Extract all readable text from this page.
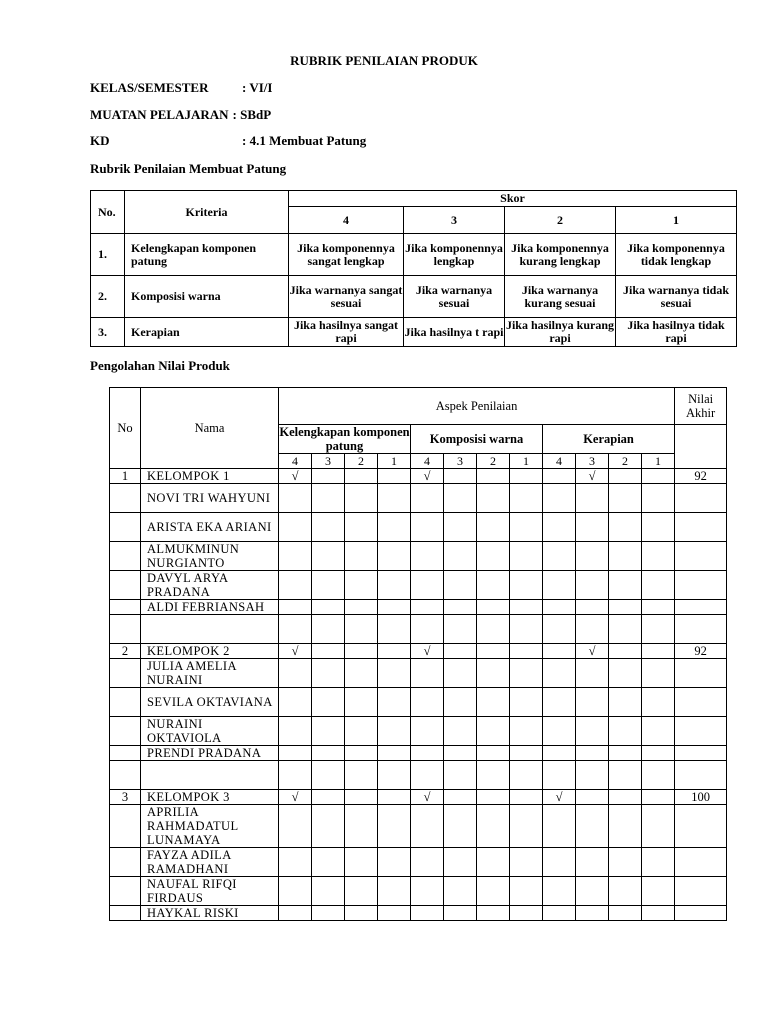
RUBRIK PENILAIAN PRODUK
KELAS/SEMESTER	: VI/I
MUATAN PELAJARAN : SBdP
KD	: 4.1 Membuat Patung
Rubrik Penilaian Membuat Patung
No.	Kriteria	Skor			
		4	3	2	1
1.	Kelengkapan komponen patung	Jika komponennya sangat lengkap	Jika komponennya lengkap	Jika komponennya kurang lengkap	Jika komponennya tidak lengkap
2.	Komposisi warna	Jika warnanya sangat sesuai	Jika warnanya sesuai	Jika warnanya kurang sesuai	Jika warnanya tidak sesuai
3.	Kerapian	Jika hasilnya sangat rapi	Jika hasilnya t rapi	Jika hasilnya kurang rapi	Jika hasilnya tidak rapi
Pengolahan Nilai Produk
No	Nama	Aspek Penilaian												Nilai Akhir
		Kelengkapan komponen patung				Komposisi warna				Kerapian				
		4	3	2	1	4	3	2	1	4	3	2	1	
1	KELOMPOK 1	√				√					√			92
	NOVI TRI WAHYUNI													
	ARISTA EKA ARIANI													
	ALMUKMINUN NURGIANTO													
	DAVYL ARYA PRADANA													
	ALDI FEBRIANSAH													

2	KELOMPOK 2	√				√					√			92
	JULIA AMELIA NURAINI													
	SEVILA OKTAVIANA													
	NURAINI OKTAVIOLA													
	PRENDI PRADANA													

3	KELOMPOK 3	√				√				√				100
	APRILIA RAHMADATUL LUNAMAYA													
	FAYZA ADILA RAMADHANI													
	NAUFAL RIFQI FIRDAUS													
	HAYKAL RISKI													
